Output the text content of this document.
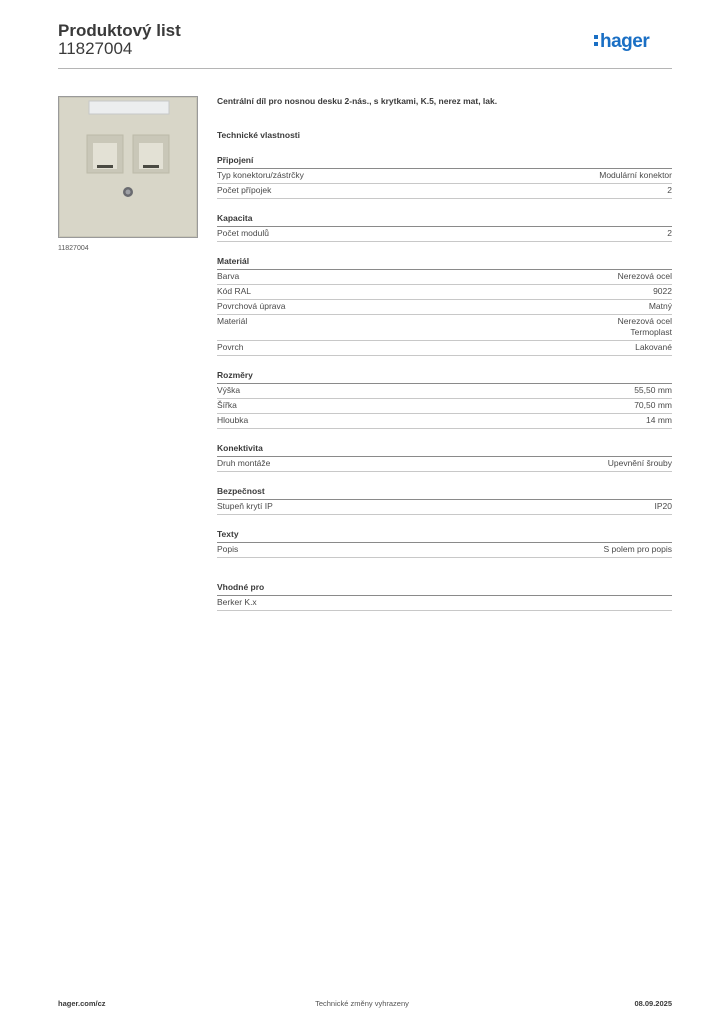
Produktový list
11827004	hager
11827004
Centrální díl pro nosnou desku 2-nás., s krytkami, K.5, nerez mat, lak.
Technické vlastnosti
Připojení
Typ konektoru/zástrčky	Modulární konektor
Počet přípojek	2
Kapacita
Počet modulů	2
Materiál
Barva	Nerezová ocel
Kód RAL	9022
Povrchová úprava	Matný
Materiál	Nerezová ocel
Termoplast
Povrch	Lakované
Rozměry
Výška	55,50 mm
Šířka	70,50 mm
Hloubka	14 mm
Konektivita
Druh montáže	Upevnění šrouby
Bezpečnost
Stupeň krytí IP	IP20
Texty
Popis	S polem pro popis
Vhodné pro
Berker K.x
hager.com/cz	Technické změny vyhrazeny	08.09.2025
